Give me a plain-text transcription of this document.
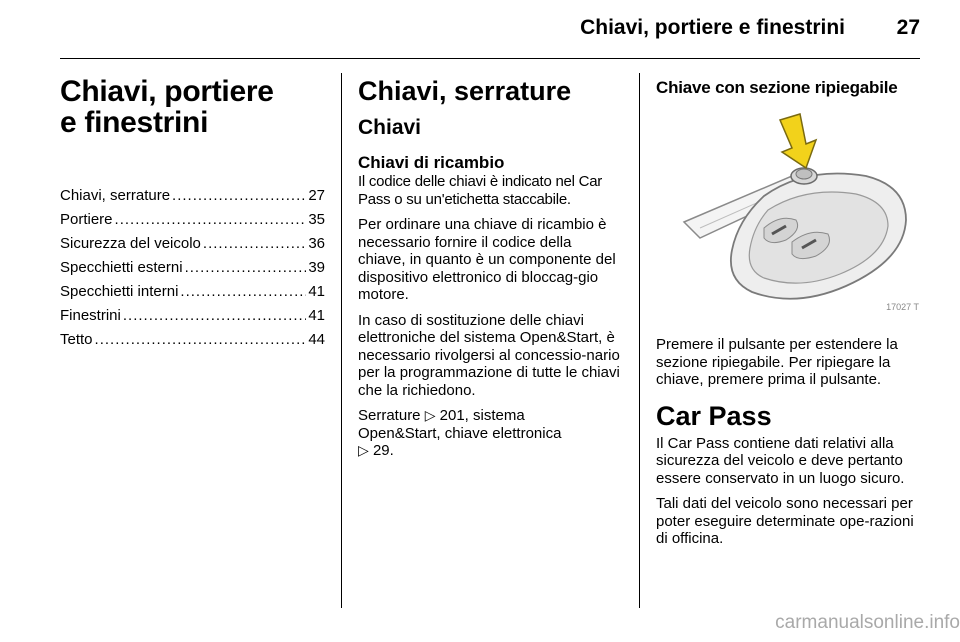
Chiavi, portiere e finestrini	27
Chiavi, portiere
e finestrini
Chiavi, serrature .....	27
Portiere .....	35
Sicurezza del veicolo .....	36
Specchietti esterni .....	39
Specchietti interni .....	41
Finestrini .....	41
Tetto .....	44
Chiavi, serrature
Chiavi
Chiavi di ricambio

Il codice delle chiavi è indicato nel Car Pass o su un'etichetta staccabile.

Per ordinare una chiave di ricambio è necessario fornire il codice della chiave, in quanto è un componente del dispositivo elettronico di bloccag-gio motore.

In caso di sostituzione delle chiavi elettroniche del sistema Open&Start, è necessario rivolgersi al concessio-nario per la programmazione di tutte le chiavi che la richiedono.

Serrature ▷ 201, sistema
Open&Start, chiave elettronica
▷ 29.

Chiave con sezione ripiegabile
17027 T

Premere il pulsante per estendere la sezione ripiegabile. Per ripiegare la chiave, premere prima il pulsante.

Car Pass

Il Car Pass contiene dati relativi alla sicurezza del veicolo e deve pertanto essere conservato in un luogo sicuro.

Tali dati del veicolo sono necessari per poter eseguire determinate ope-razioni di officina.

carmanualsonline.info
